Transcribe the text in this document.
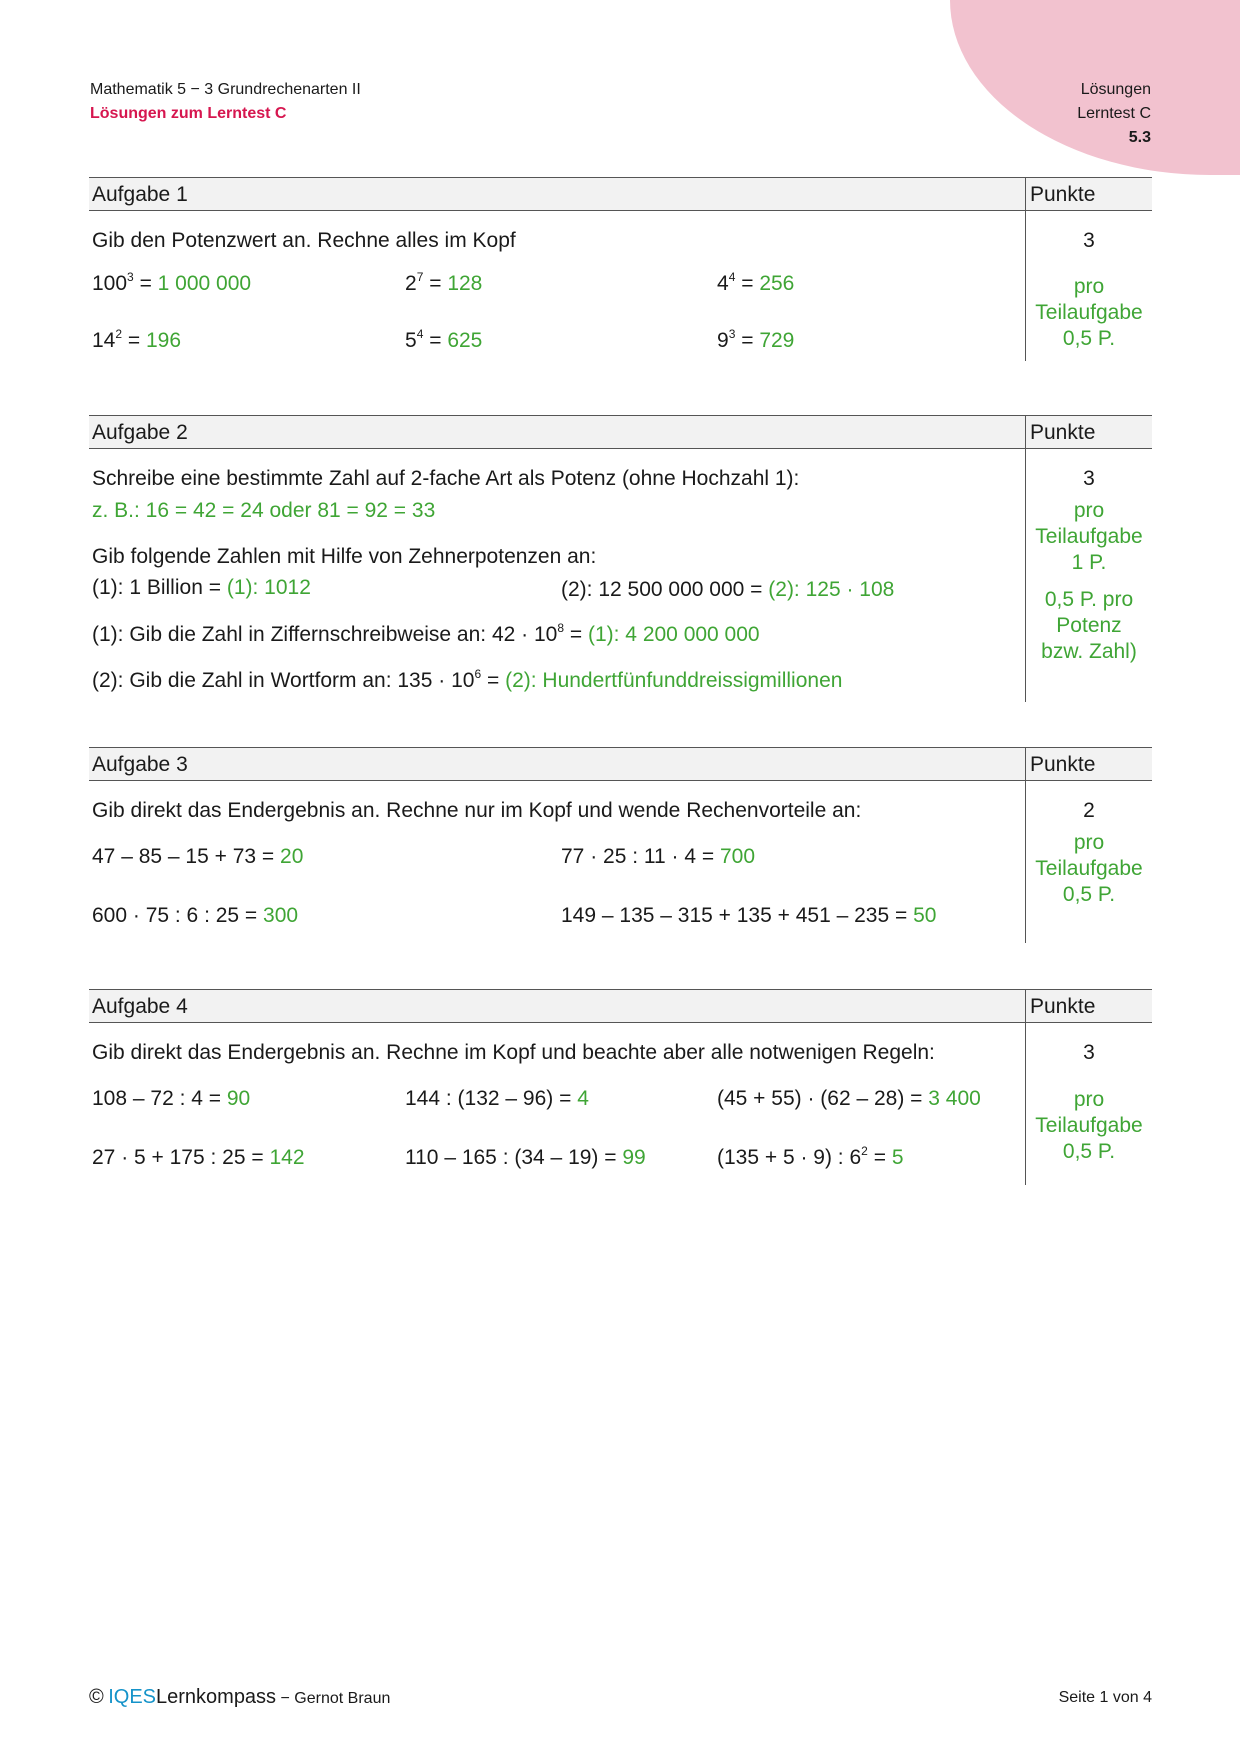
Mathematik 5 − 3 Grundrechenarten II
Lösungen zum Lerntest C
Lösungen
Lerntest C
5.3
Aufgabe 1	Punkte
Gib den Potenzwert an. Rechne alles im Kopf
$100^3 = 1$ 000 000	$2^7 = 128$	$4^4 = 256$
$14^2 = 196$	$5^4 = 625$	$9^3 = 729$
3
pro
Teilaufgabe
0,5 P.
Aufgabe 2	Punkte
Schreibe eine bestimmte Zahl auf 2-fache Art als Potenz (ohne Hochzahl 1):
z. B.: 16 = 42 = 24 oder 81 = 92 = 33
Gib folgende Zahlen mit Hilfe von Zehnerpotenzen an:
(1): 1 Billion = (1): 1012	(2): 12 500 000 000 = (2): 125 · 108
(1): Gib die Zahl in Ziffernschreibweise an: $42 \cdot 10^8 = (1)$: 4 200 000 000
(2): Gib die Zahl in Wortform an: $135 \cdot 10^6 = (2)$: Hundertfünfunddreissigmillionen
3
pro
Teilaufgabe
1 P.
0,5 P. pro
Potenz
bzw. Zahl)
Aufgabe 3	Punkte
Gib direkt das Endergebnis an. Rechne nur im Kopf und wende Rechenvorteile an:
47 – 85 – 15 + 73 = 20	77 · 25 : 11 · 4 = 700
600 · 75 : 6 : 25 = 300	149 – 135 – 315 + 135 + 451 – 235 = 50
2
pro
Teilaufgabe
0,5 P.
Aufgabe 4	Punkte
Gib direkt das Endergebnis an. Rechne im Kopf und beachte aber alle notwenigen Regeln:
108 – 72 : 4 = 90	144 : (132 – 96) = 4	(45 + 55) · (62 – 28) = 3 400
27 · 5 + 175 : 25 = 142	110 – 165 : (34 – 19) = 99	(135 + 5 · 9) : $6^2 = 5$
3
pro
Teilaufgabe
0,5 P.
© IQESLernkompass − Gernot Braun	Seite 1 von 4
